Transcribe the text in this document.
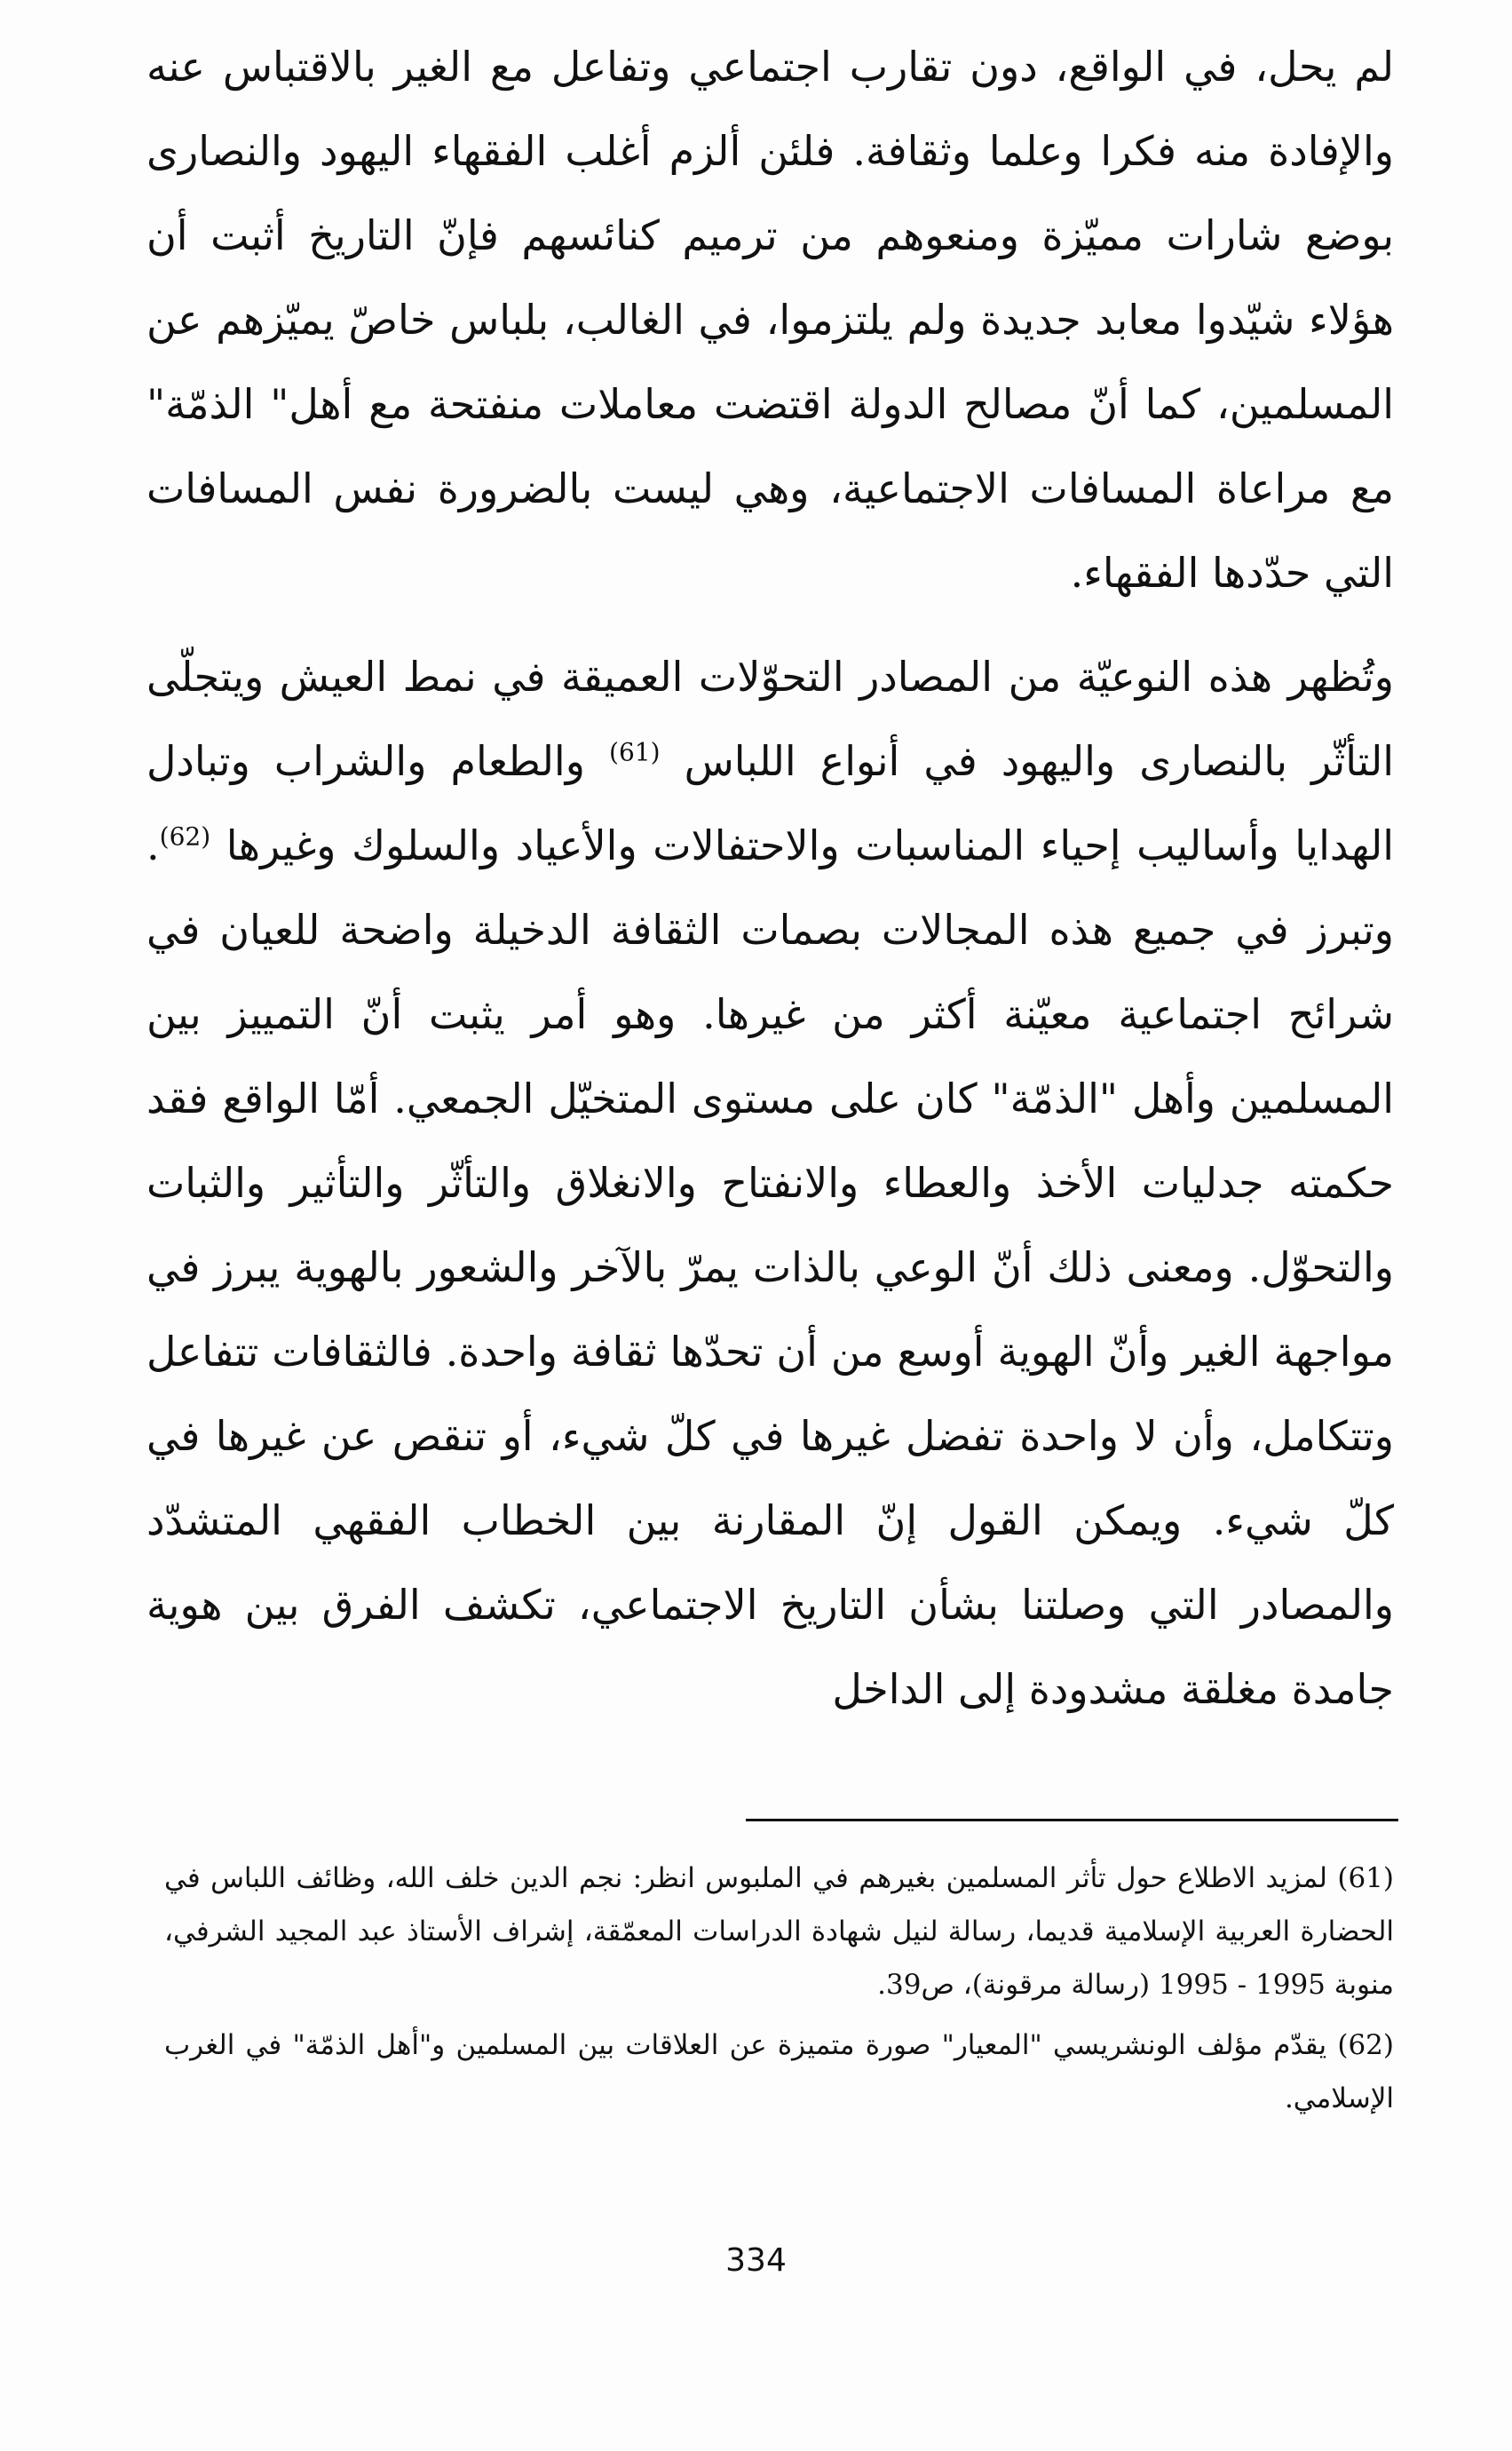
لم يحل، في الواقع، دون تقارب اجتماعي وتفاعل مع الغير بالاقتباس عنه والإفادة منه فكرا وعلما وثقافة. فلئن ألزم أغلب الفقهاء اليهود والنصارى بوضع شارات مميّزة ومنعوهم من ترميم كنائسهم فإنّ التاريخ أثبت أن هؤلاء شيّدوا معابد جديدة ولم يلتزموا، في الغالب، بلباس خاصّ يميّزهم عن المسلمين، كما أنّ مصالح الدولة اقتضت معاملات منفتحة مع أهل" الذمّة" مع مراعاة المسافات الاجتماعية، وهي ليست بالضرورة نفس المسافات التي حدّدها الفقهاء.

وتُظهر هذه النوعيّة من المصادر التحوّلات العميقة في نمط العيش ويتجلّى التأثّر بالنصارى واليهود في أنواع اللباس $^{(61)}$ والطعام والشراب وتبادل الهدايا وأساليب إحياء المناسبات والاحتفالات والأعياد والسلوك وغيرها $^{(62)}$. وتبرز في جميع هذه المجالات بصمات الثقافة الدخيلة واضحة للعيان في شرائح اجتماعية معيّنة أكثر من غيرها. وهو أمر يثبت أنّ التمييز بين المسلمين وأهل "الذمّة" كان على مستوى المتخيّل الجمعي. أمّا الواقع فقد حكمته جدليات الأخذ والعطاء والانفتاح والانغلاق والتأثّر والتأثير والثبات والتحوّل. ومعنى ذلك أنّ الوعي بالذات يمرّ بالآخر والشعور بالهوية يبرز في مواجهة الغير وأنّ الهوية أوسع من أن تحدّها ثقافة واحدة. فالثقافات تتفاعل وتتكامل، وأن لا واحدة تفضل غيرها في كلّ شيء، أو تنقص عن غيرها في كلّ شيء. ويمكن القول إنّ المقارنة بين الخطاب الفقهي المتشدّد والمصادر التي وصلتنا بشأن التاريخ الاجتماعي، تكشف الفرق بين هوية جامدة مغلقة مشدودة إلى الداخل

(61) لمزيد الاطلاع حول تأثر المسلمين بغيرهم في الملبوس انظر: نجم الدين خلف الله، وظائف اللباس في الحضارة العربية الإسلامية قديما، رسالة لنيل شهادة الدراسات المعمّقة، إشراف الأستاذ عبد المجيد الشرفي، منوبة 1995 - 1995 (رسالة مرقونة)، ص39.

(62) يقدّم مؤلف الونشريسي "المعيار" صورة متميزة عن العلاقات بين المسلمين و"أهل الذمّة" في الغرب الإسلامي.

334
